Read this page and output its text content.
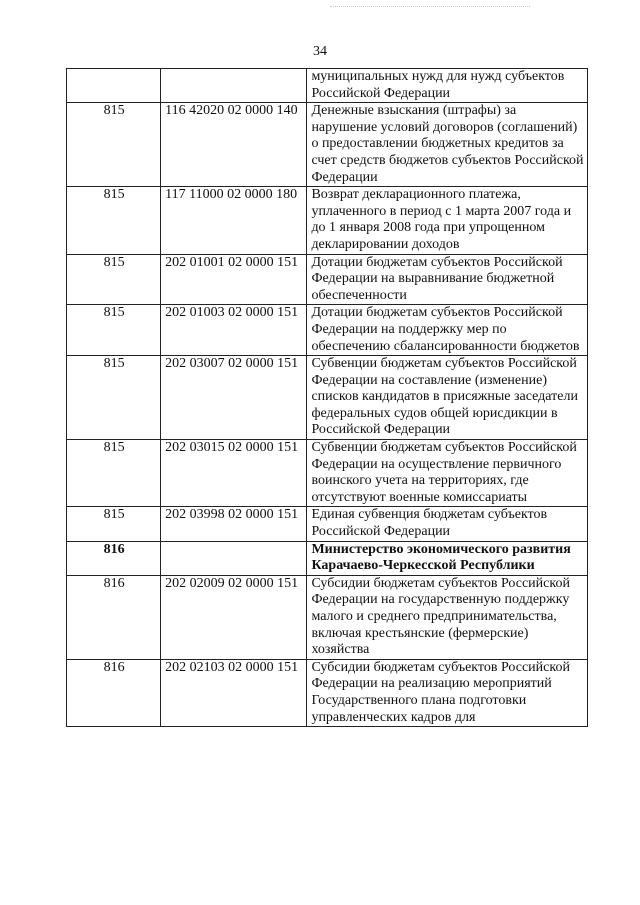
34
		муниципальных нужд для нужд субъектов Российской Федерации
815	116 42020 02 0000 140	Денежные взыскания (штрафы) за нарушение условий договоров (соглашений) о предоставлении бюджетных кредитов за счет средств бюджетов субъектов Российской Федерации
815	117 11000 02 0000 180	Возврат декларационного платежа, уплаченного в период с 1 марта 2007 года и до 1 января 2008 года при упрощенном декларировании доходов
815	202 01001 02 0000 151	Дотации бюджетам субъектов Российской Федерации на выравнивание бюджетной обеспеченности
815	202 01003 02 0000 151	Дотации бюджетам субъектов Российской Федерации на поддержку мер по обеспечению сбалансированности бюджетов
815	202 03007 02 0000 151	Субвенции бюджетам субъектов Российской Федерации на составление (изменение) списков кандидатов в присяжные заседатели федеральных судов общей юрисдикции в Российской Федерации
815	202 03015 02 0000 151	Субвенции бюджетам субъектов Российской Федерации на осуществление первичного воинского учета на территориях, где отсутствуют военные комиссариаты
815	202 03998 02 0000 151	Единая субвенция бюджетам субъектов Российской Федерации
816		Министерство экономического развития Карачаево-Черкесской Республики
816	202 02009 02 0000 151	Субсидии бюджетам субъектов Российской Федерации на государственную поддержку малого и среднего предпринимательства, включая крестьянские (фермерские) хозяйства
816	202 02103 02 0000 151	Субсидии бюджетам субъектов Российской Федерации на реализацию мероприятий Государственного плана подготовки управленческих кадров для
